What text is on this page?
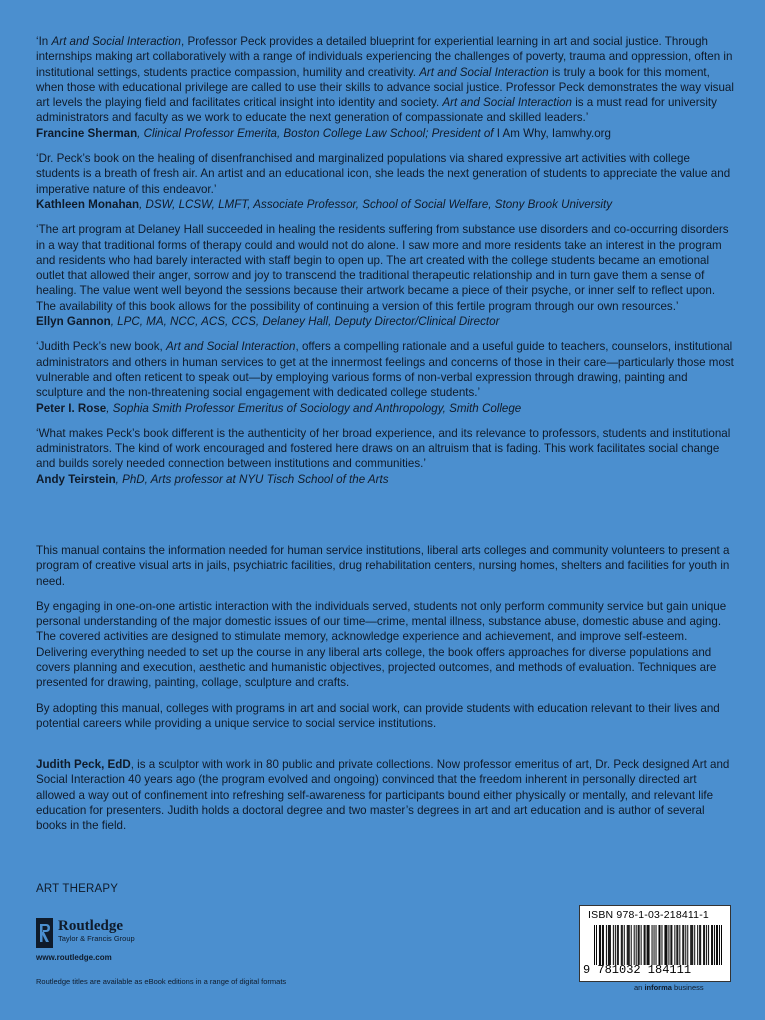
‘In Art and Social Interaction, Professor Peck provides a detailed blueprint for experiential learning in art and social justice. Through internships making art collaboratively with a range of individuals experiencing the challenges of poverty, trauma and oppression, often in institutional settings, students practice compassion, humility and creativity. Art and Social Interaction is truly a book for this moment, when those with educational privilege are called to use their skills to advance social justice. Professor Peck demonstrates the way visual art levels the playing field and facilitates critical insight into identity and society. Art and Social Interaction is a must read for university administrators and faculty as we work to educate the next generation of compassionate and skilled leaders.’

Francine Sherman, Clinical Professor Emerita, Boston College Law School; President of I Am Why, Iamwhy.org

‘Dr. Peck’s book on the healing of disenfranchised and marginalized populations via shared expressive art activities with college students is a breath of fresh air. An artist and an educational icon, she leads the next generation of students to appreciate the value and imperative nature of this endeavor.’

Kathleen Monahan, DSW, LCSW, LMFT, Associate Professor, School of Social Welfare, Stony Brook University

‘The art program at Delaney Hall succeeded in healing the residents suffering from substance use disorders and co-occurring disorders in a way that traditional forms of therapy could and would not do alone. I saw more and more residents take an interest in the program and residents who had barely interacted with staff begin to open up. The art created with the college students became an emotional outlet that allowed their anger, sorrow and joy to transcend the traditional therapeutic relationship and in turn gave them a sense of healing. The value went well beyond the sessions because their artwork became a piece of their psyche, or inner self to reflect upon. The availability of this book allows for the possibility of continuing a version of this fertile program through our own resources.’

Ellyn Gannon, LPC, MA, NCC, ACS, CCS, Delaney Hall, Deputy Director/Clinical Director

‘Judith Peck’s new book, Art and Social Interaction, offers a compelling rationale and a useful guide to teachers, counselors, institutional administrators and others in human services to get at the innermost feelings and concerns of those in their care—particularly those most vulnerable and often reticent to speak out—by employing various forms of non-verbal expression through drawing, painting and sculpture and the non-threatening social engagement with dedicated college students.’

Peter I. Rose, Sophia Smith Professor Emeritus of Sociology and Anthropology, Smith College

‘What makes Peck’s book different is the authenticity of her broad experience, and its relevance to professors, students and institutional administrators. The kind of work encouraged and fostered here draws on an altruism that is fading. This work facilitates social change and builds sorely needed connection between institutions and communities.’

Andy Teirstein, PhD, Arts professor at NYU Tisch School of the Arts

This manual contains the information needed for human service institutions, liberal arts colleges and community volunteers to present a program of creative visual arts in jails, psychiatric facilities, drug rehabilitation centers, nursing homes, shelters and facilities for youth in need.

By engaging in one-on-one artistic interaction with the individuals served, students not only perform community service but gain unique personal understanding of the major domestic issues of our time—crime, mental illness, substance abuse, domestic abuse and aging. The covered activities are designed to stimulate memory, acknowledge experience and achievement, and improve self-esteem. Delivering everything needed to set up the course in any liberal arts college, the book offers approaches for diverse populations and covers planning and execution, aesthetic and humanistic objectives, projected outcomes, and methods of evaluation. Techniques are presented for drawing, painting, collage, sculpture and crafts.

By adopting this manual, colleges with programs in art and social work, can provide students with education relevant to their lives and potential careers while providing a unique service to social service institutions.

Judith Peck, EdD, is a sculptor with work in 80 public and private collections. Now professor emeritus of art, Dr. Peck designed Art and Social Interaction 40 years ago (the program evolved and ongoing) convinced that the freedom inherent in personally directed art allowed a way out of confinement into refreshing self-awareness for participants bound either physically or mentally, and relevant life education for presenters. Judith holds a doctoral degree and two master’s degrees in art and art education and is author of several books in the field.

ART THERAPY
Routledge
Taylor & Francis Group
www.routledge.com
Routledge titles are available as eBook editions in a range of digital formats
ISBN 978-1-03-218411-1
9 781032 184111
an informa business
